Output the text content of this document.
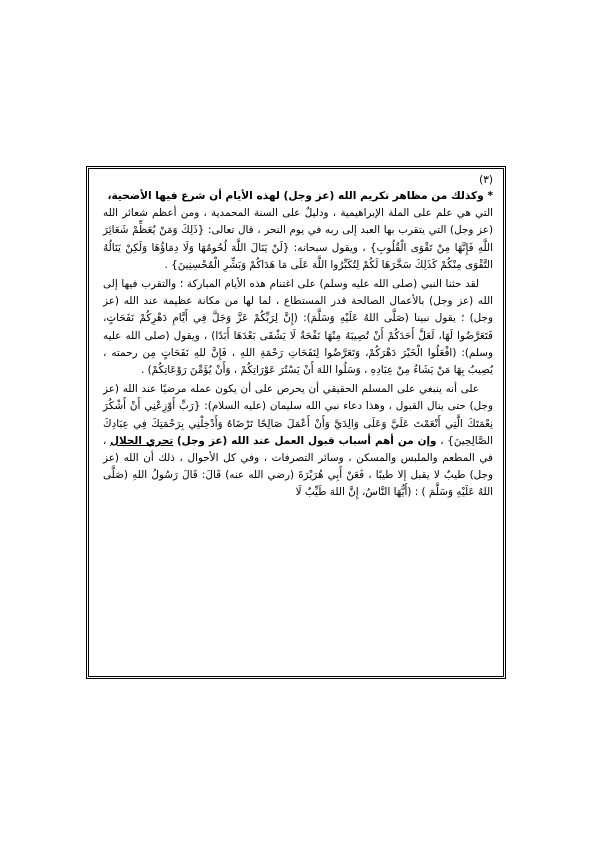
(٣)

* وكذلك من مظاهر تكريم الله (عز وجل) لهذه الأيام أن شرع فيها الأضحية،

التي هي علم على الملة الإبراهيمية ، ودليلٌ على السنة المحمدية ، ومن أعظم شعائر الله (عز وجل) التي يتقرب بها العبد إلى ربه في يوم النحر ، قال تعالى: {ذَلِكَ وَمَنْ يُعَظِّمْ شَعَائِرَ اللَّهِ فَإِنَّهَا مِنْ تَقْوَى الْقُلُوبِ} ، ويقول سبحانه: {لَنْ يَنَالَ اللَّهَ لُحُومُهَا وَلَا دِمَاؤُهَا وَلَكِنْ يَنَالُهُ التَّقْوَى مِنْكُمْ كَذَلِكَ سَخَّرَهَا لَكُمْ لِتُكَبِّرُوا اللَّهَ عَلَى مَا هَدَاكُمْ وَبَشِّرِ الْمُحْسِنِينَ} .

لقد حثنا النبي (صلى الله عليه وسلم) على اغتنام هذه الأيام المباركة ؛ والتقرب فيها إلى الله (عز وجل) بالأعمال الصالحة قدر المستطاع ، لما لها من مكانة عظيمة عند الله (عز وجل) ؛ يقول نبينا (صَلَّى اللهُ عَلَيْهِ وَسَلَّمَ): (إِنَّ لِرَبِّكُمْ عَزَّ وَجَلَّ فِي أَيَّامِ دَهْرِكُمْ نَفَحَاتٍ، فَتَعَرَّضُوا لَهَا، لَعَلَّ أَحَدَكُمْ أَنْ تُصِيبَهُ مِنْهَا نَفْحَةٌ لَا يَشْقَى بَعْدَهَا أَبَدًا) ، ويقول (صلى الله عليه وسلم): (افْعَلُوا الْخَيْرَ دَهْرَكُمْ، وَتَعَرَّضُوا لِنَفَحَاتِ رَحْمَةِ اللهِ ، فَإِنَّ للهِ نَفَحَاتٍ مِن رحمته ، يُصِيبُ بِهَا مَنْ يَشَاءُ مِنْ عِبَادِهِ ، وَسَلُوا اللهَ أَنْ يَسْتُرَ عَوْرَاتِكُمْ ، وَأَنْ يُؤَمِّنَ رَوْعَاتِكُمْ) .

على أنه ينبغي على المسلم الحقيقي أن يحرص على أن يكون عمله مرضيًا عند الله (عز وجل) حتى ينال القبول ، وهذا دعاء نبي الله سليمان (عليه السلام): {رَبِّ أَوْزِعْنِي أَنْ أَشْكُرَ نِعْمَتَكَ الَّتِي أَنْعَمْتَ عَلَيَّ وَعَلَى وَالِدَيَّ وَأَنْ أَعْمَلَ صَالِحًا تَرْضَاهُ وَأَدْخِلْنِي بِرَحْمَتِكَ فِي عِبَادِكَ الصَّالِحِينَ} ، وإن من أهم أسباب قبول العمل عند الله (عز وجل) تحري الحلال ، في المطعم والملبس والمسكن ، وسائر التصرفات ، وفي كل الأحوال ، ذلك أن الله (عز وجل) طيبٌ لا يقبل إلا طيبًا ، فَعَنْ أَبِي هُرَيْرَةَ (رضي الله عنه) قَالَ: قَالَ رَسُولُ اللهِ (صَلَّى اللهُ عَلَيْهِ وَسَلَّمَ ) : (أَيُّهَا النَّاسُ، إِنَّ اللهَ طَيِّبٌ لَا
